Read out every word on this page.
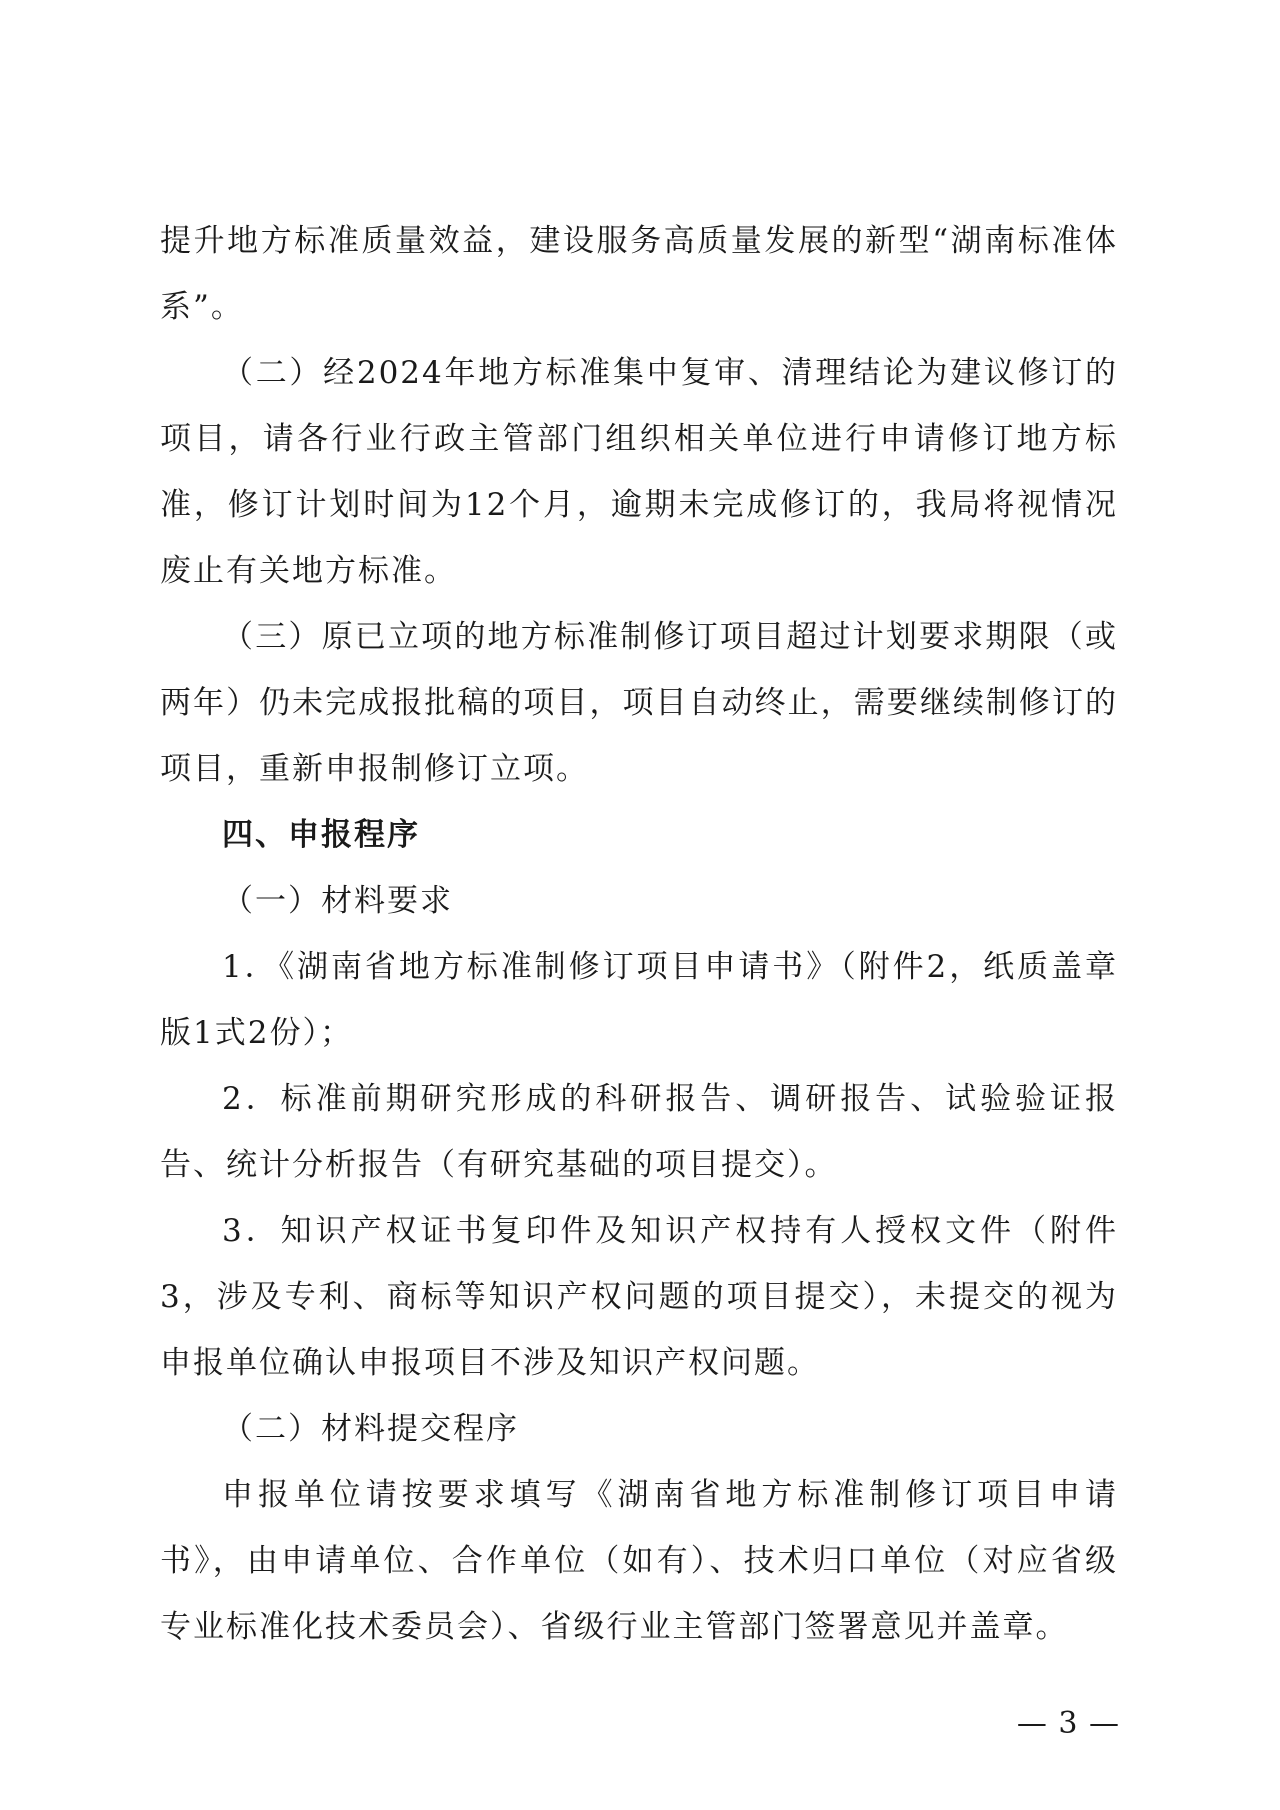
提升地方标准质量效益，建设服务高质量发展的新型“湖南标准体系”。

（二）经2024年地方标准集中复审、清理结论为建议修订的项目，请各行业行政主管部门组织相关单位进行申请修订地方标准，修订计划时间为12个月，逾期未完成修订的，我局将视情况废止有关地方标准。

（三）原已立项的地方标准制修订项目超过计划要求期限（或两年）仍未完成报批稿的项目，项目自动终止，需要继续制修订的项目，重新申报制修订立项。

四、申报程序

（一）材料要求

1．《湖南省地方标准制修订项目申请书》（附件2，纸质盖章版1式2份）；

2．标准前期研究形成的科研报告、调研报告、试验验证报告、统计分析报告（有研究基础的项目提交）。

3．知识产权证书复印件及知识产权持有人授权文件（附件3，涉及专利、商标等知识产权问题的项目提交），未提交的视为申报单位确认申报项目不涉及知识产权问题。

（二）材料提交程序

申报单位请按要求填写《湖南省地方标准制修订项目申请书》，由申请单位、合作单位（如有）、技术归口单位（对应省级专业标准化技术委员会）、省级行业主管部门签署意见并盖章。

— 3 —
